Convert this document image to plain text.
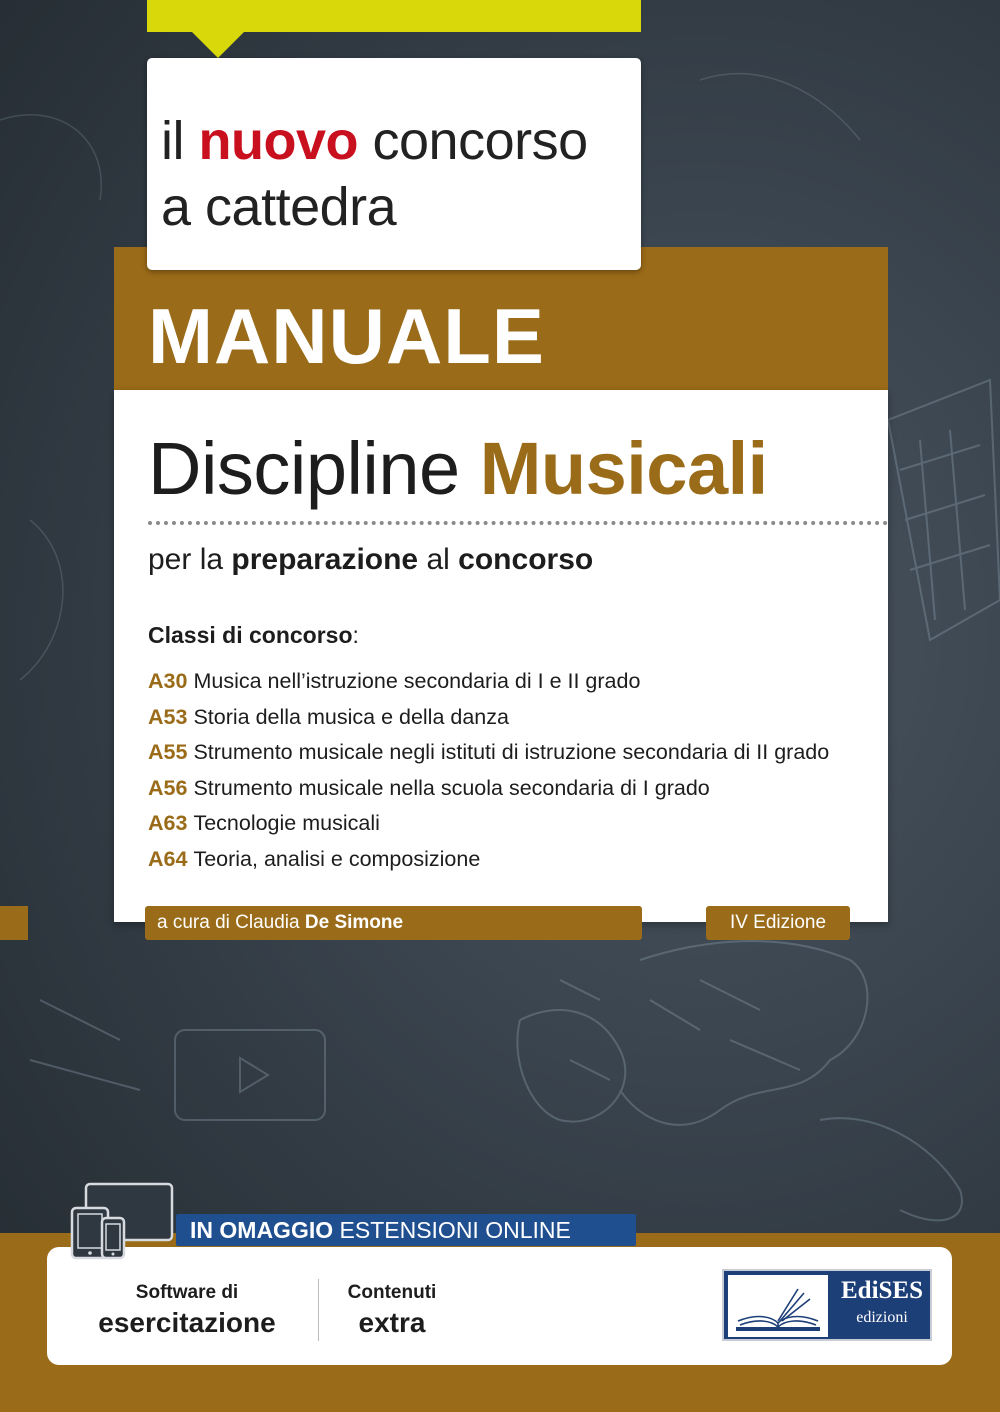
il nuovo concorso
a cattedra
MANUALE
Discipline Musicali
per la preparazione al concorso
Classi di concorso:
A30 Musica nell’istruzione secondaria di I e II grado
A53 Storia della musica e della danza
A55 Strumento musicale negli istituti di istruzione secondaria di II grado
A56 Strumento musicale nella scuola secondaria di I grado
A63 Tecnologie musicali
A64 Teoria, analisi e composizione
a cura di Claudia De Simone	IV Edizione
IN OMAGGIO ESTENSIONI ONLINE
Software di
esercitazione
Contenuti
extra
EdiSES
edizioni
